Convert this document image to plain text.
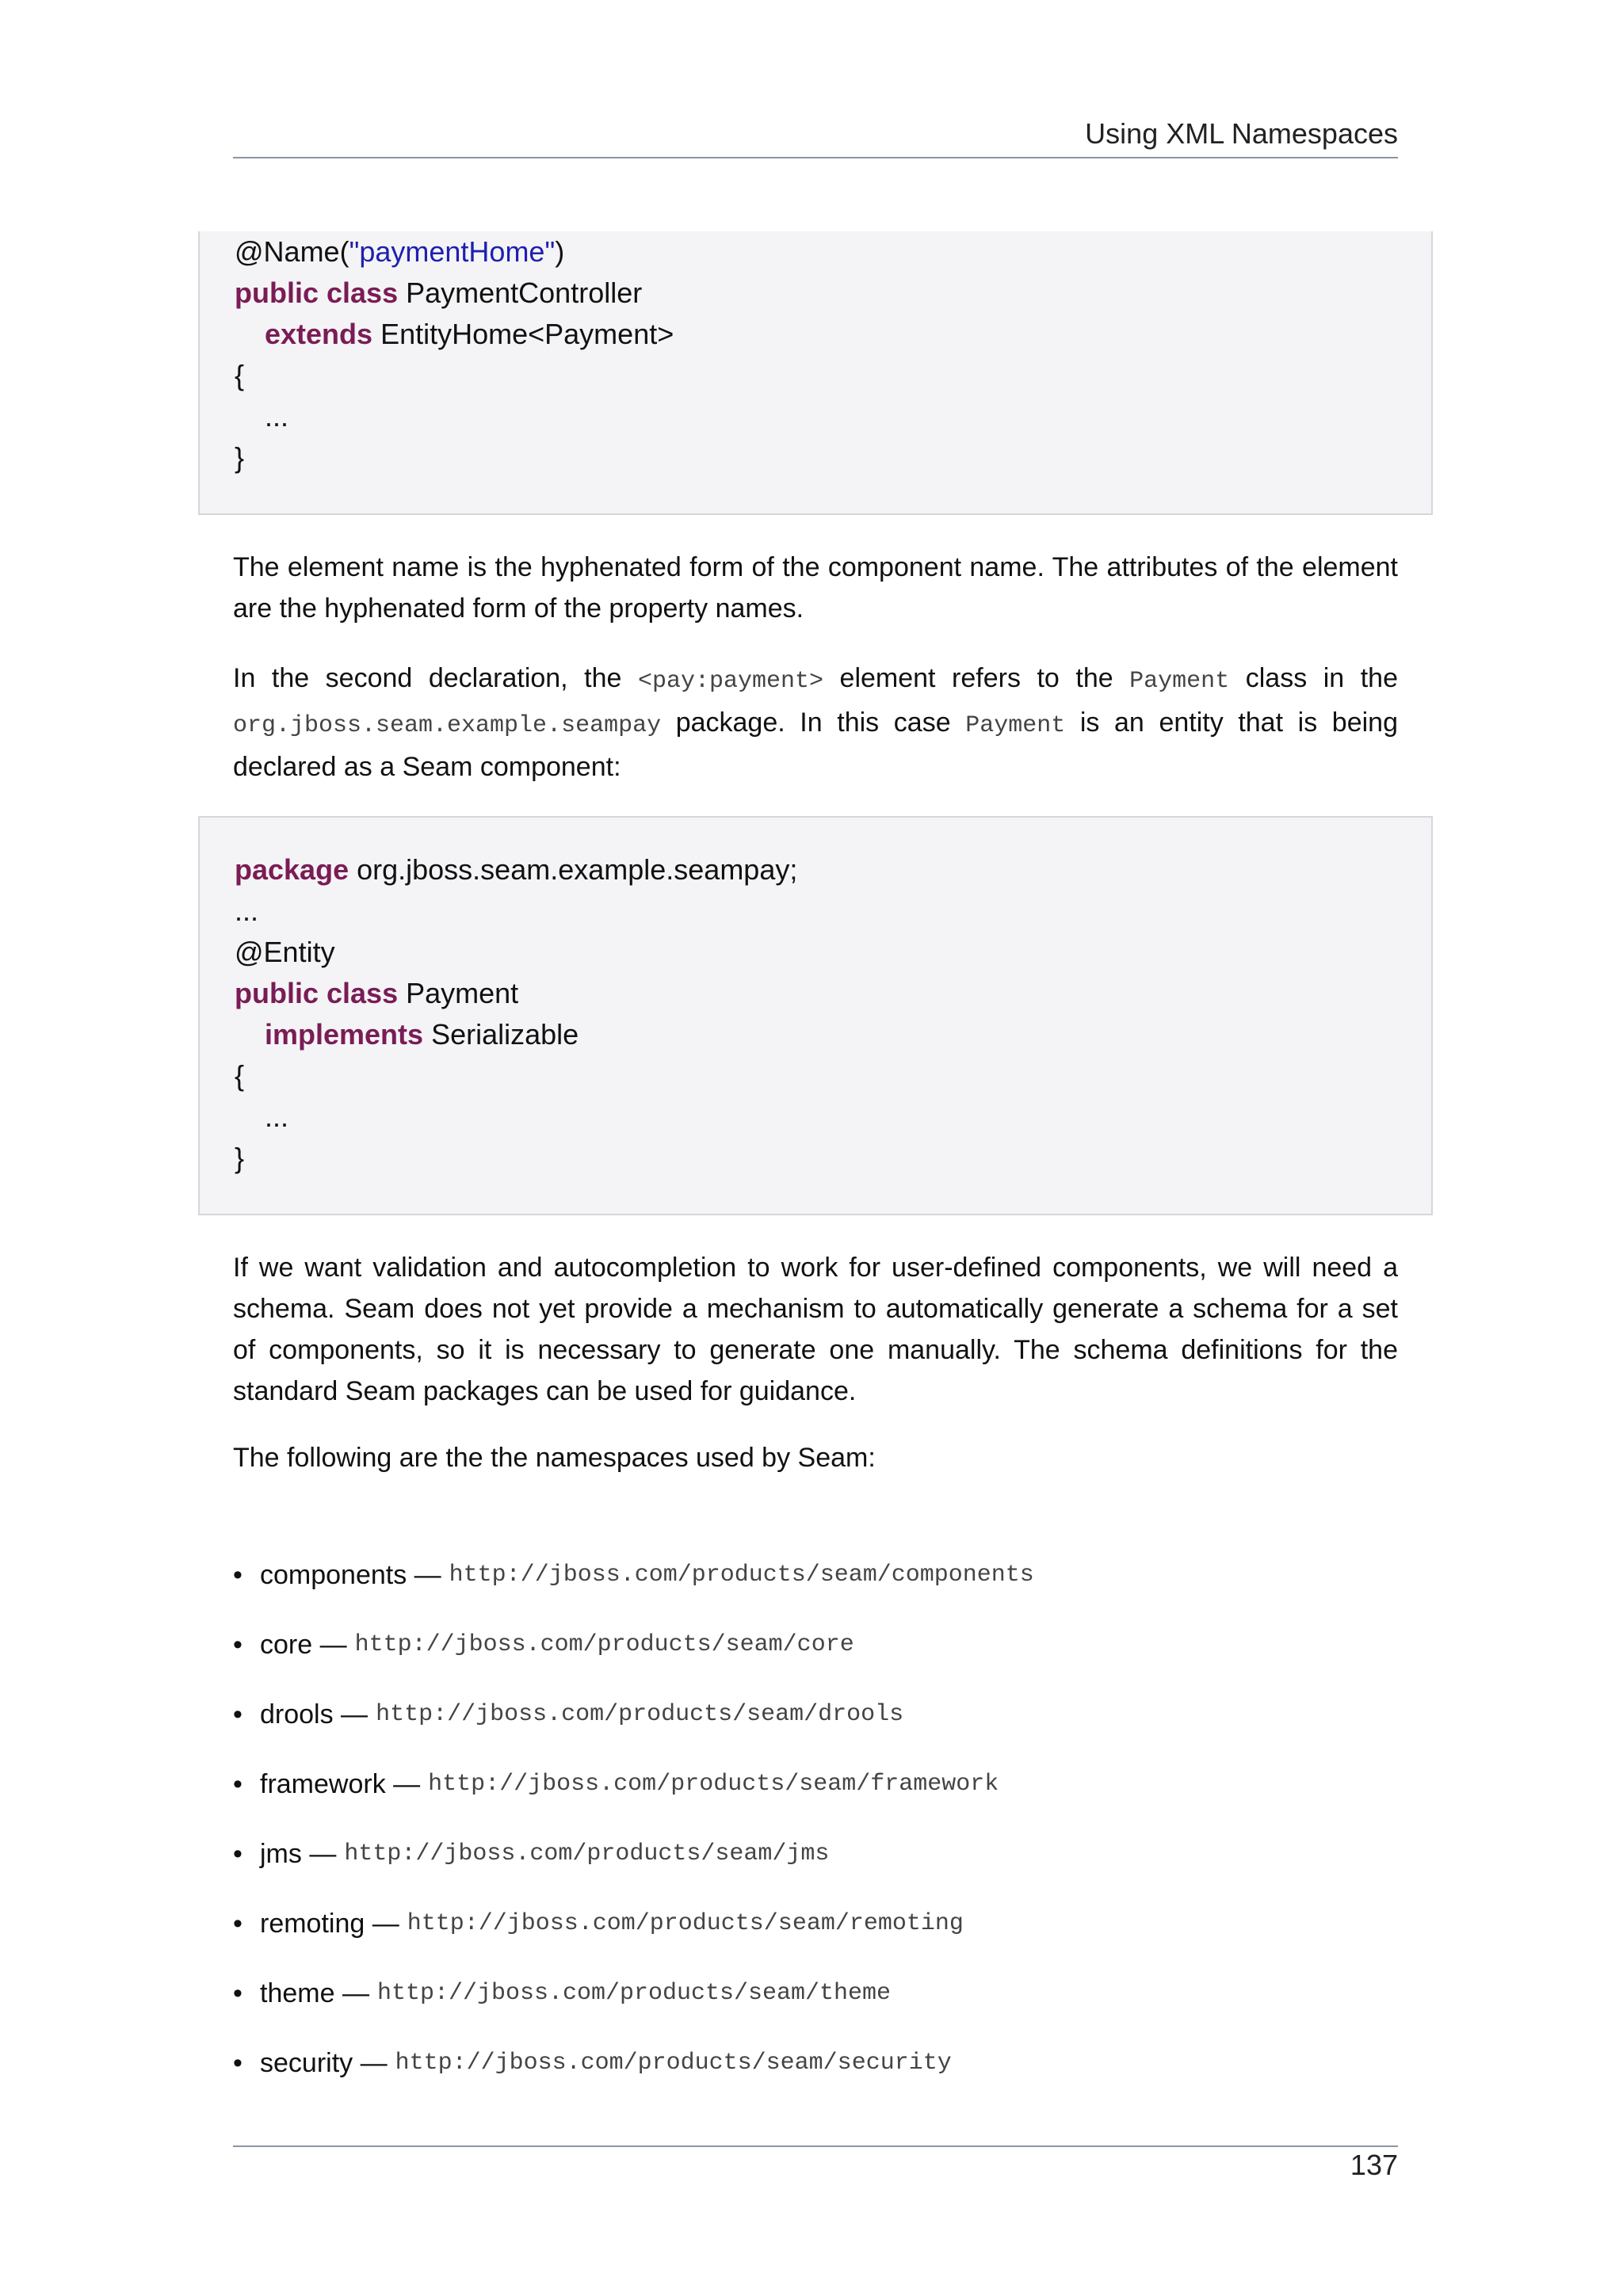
Using XML Namespaces
@Name("paymentHome")
public class PaymentController
extends EntityHome<Payment>
{
...
}
The element name is the hyphenated form of the component name. The attributes of the element are the hyphenated form of the property names.
In the second declaration, the <pay:payment> element refers to the Payment class in the org.jboss.seam.example.seampay package. In this case Payment is an entity that is being declared as a Seam component:
package org.jboss.seam.example.seampay;
...
@Entity
public class Payment
implements Serializable
{
...
}
If we want validation and autocompletion to work for user-defined components, we will need a schema. Seam does not yet provide a mechanism to automatically generate a schema for a set of components, so it is necessary to generate one manually. The schema definitions for the standard Seam packages can be used for guidance.
The following are the the namespaces used by Seam:
• components — http://jboss.com/products/seam/components
• core — http://jboss.com/products/seam/core
• drools — http://jboss.com/products/seam/drools
• framework — http://jboss.com/products/seam/framework
• jms — http://jboss.com/products/seam/jms
• remoting — http://jboss.com/products/seam/remoting
• theme — http://jboss.com/products/seam/theme
• security — http://jboss.com/products/seam/security
137
